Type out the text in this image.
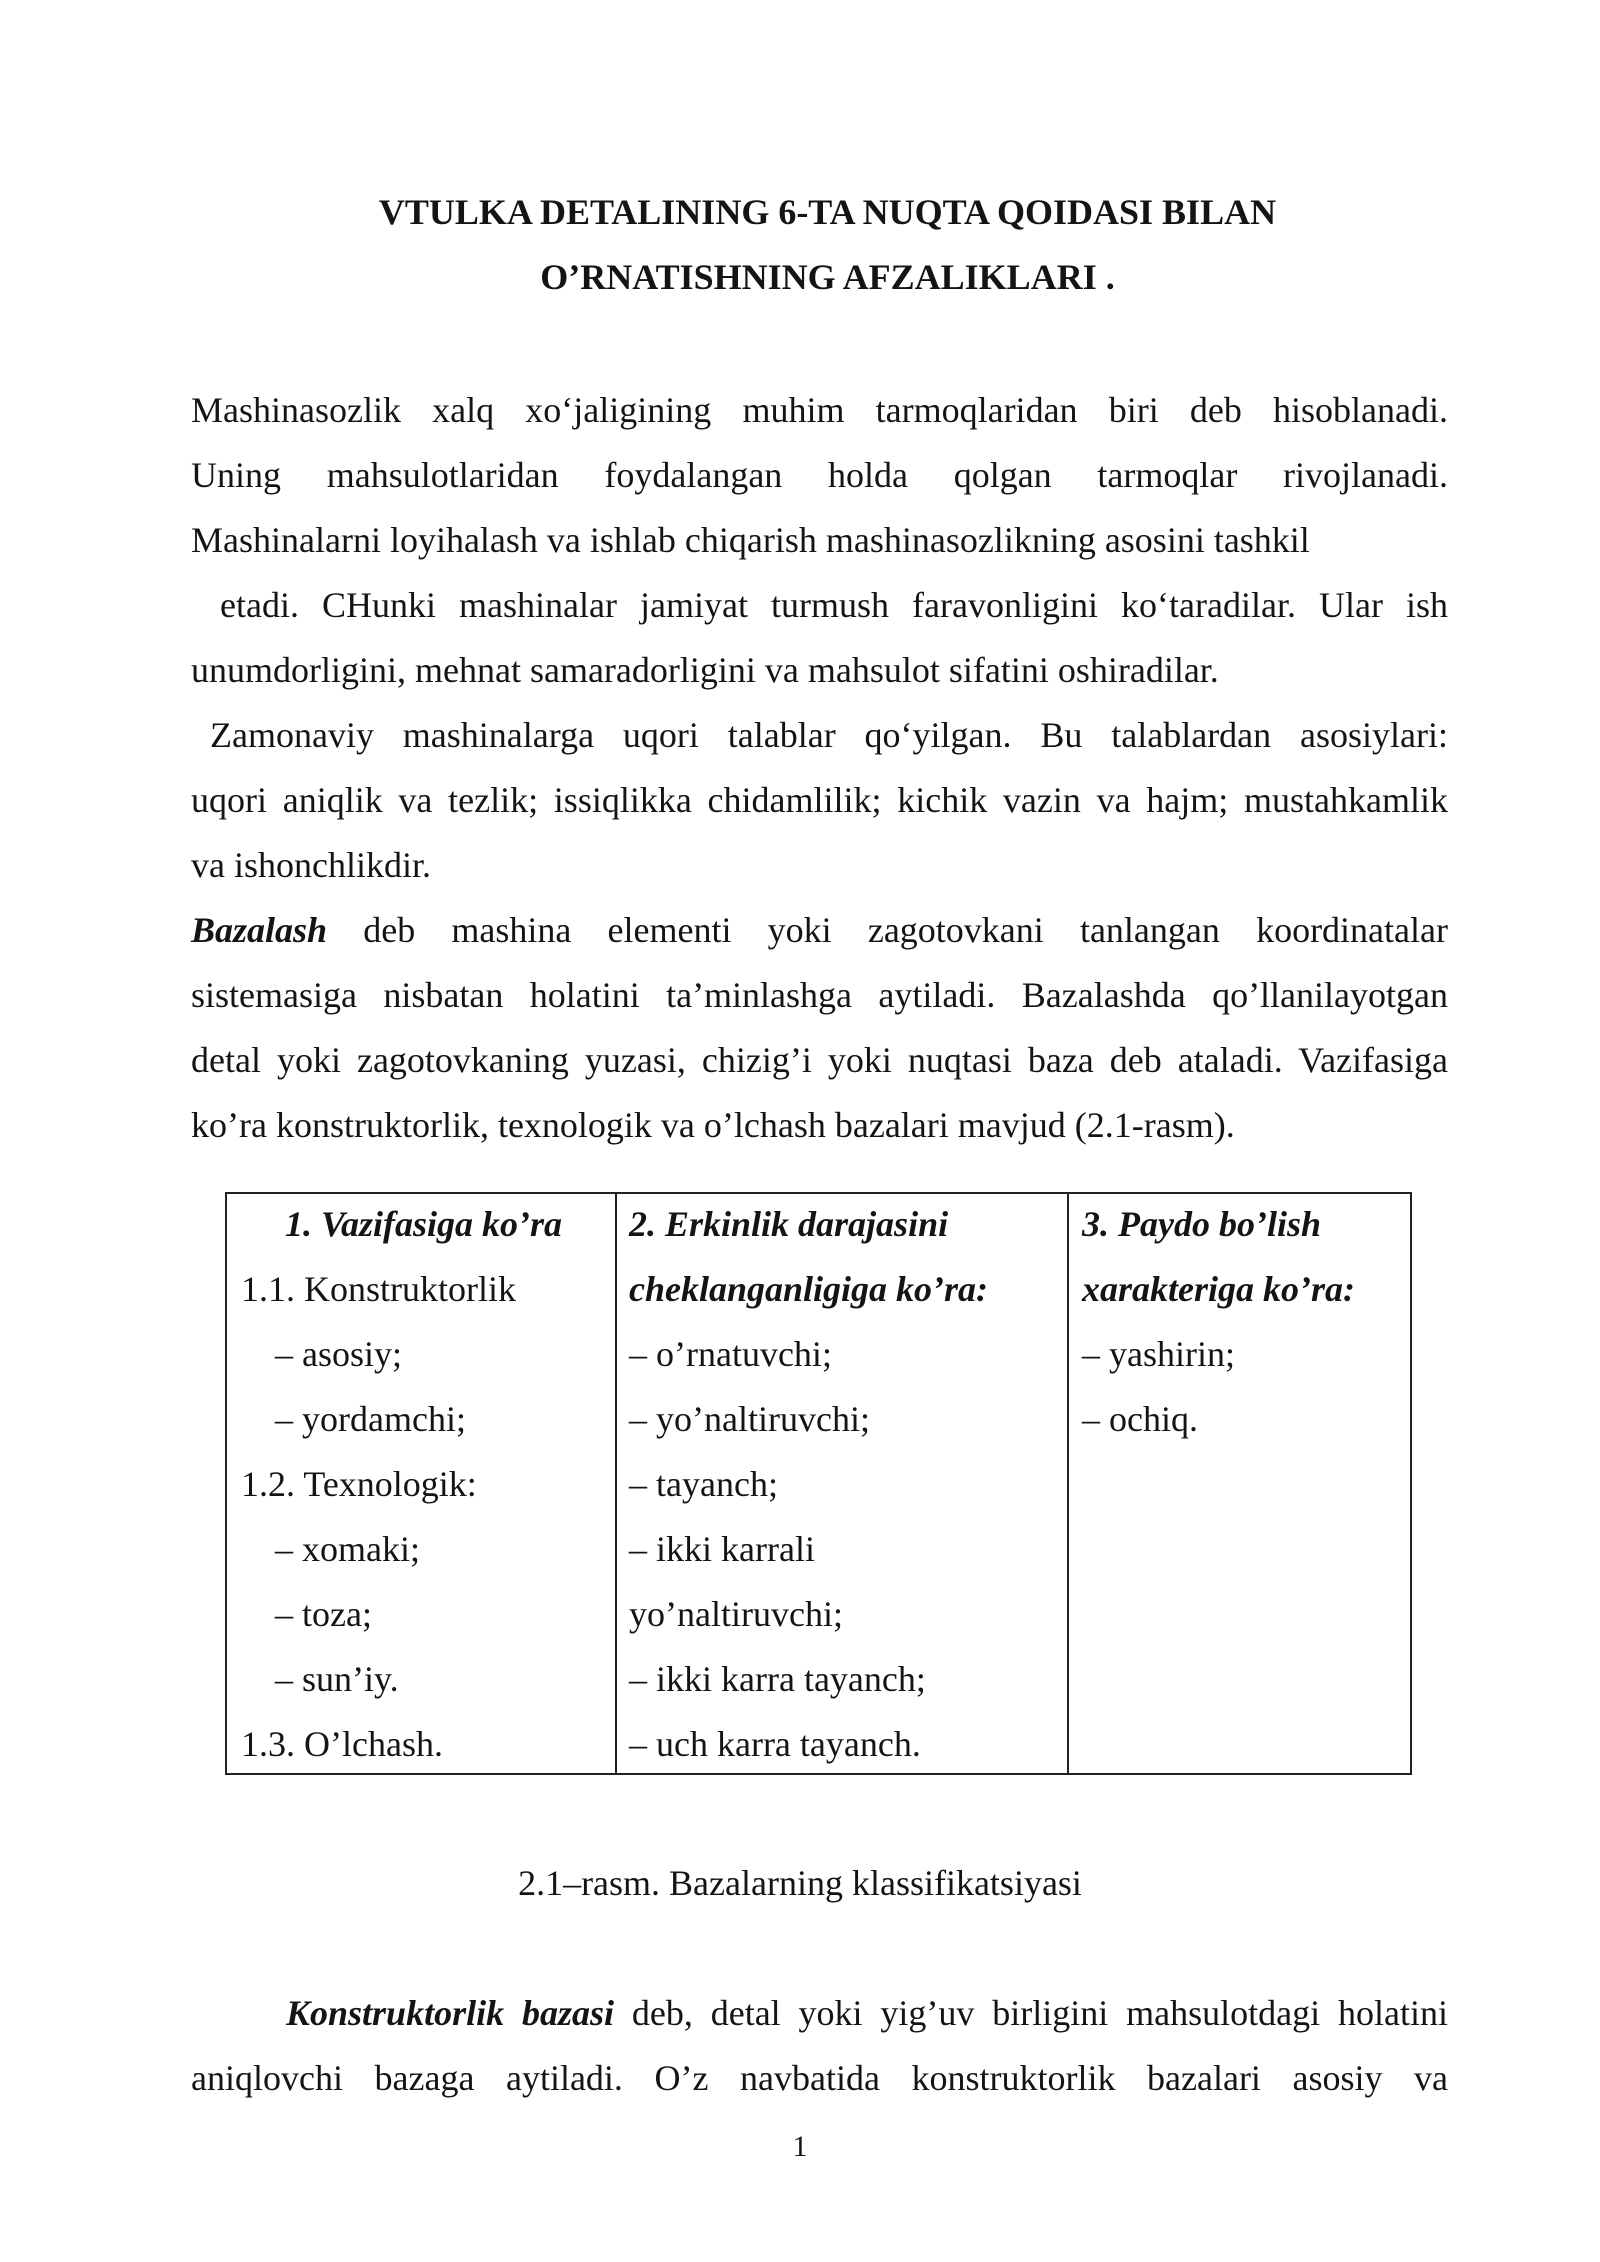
VTULKA DETALINING 6-TA NUQTA QOIDASI BILAN
O’RNATISHNING AFZALIKLARI .
Mashinasozlik xalq xo‘jaligining muhim tarmoqlaridan biri deb hisoblanadi.
Uning mahsulotlaridan foydalangan holda qolgan tarmoqlar rivojlanadi.
Mashinalarni loyihalash va ishlab chiqarish mashinasozlikning asosini tashkil
etadi. CHunki mashinalar jamiyat turmush faravonligini ko‘taradilar. Ular ish
unumdorligini, mehnat samaradorligini va mahsulot sifatini oshiradilar.
Zamonaviy mashinalarga uqori talablar qo‘yilgan. Bu talablardan asosiylari:
uqori aniqlik va tezlik; issiqlikka chidamlilik; kichik vazin va hajm; mustahkamlik
va ishonchlikdir.
Bazalash deb mashina elementi yoki zagotovkani tanlangan koordinatalar
sistemasiga nisbatan holatini ta’minlashga aytiladi. Bazalashda qo’llanilayotgan
detal yoki zagotovkaning yuzasi, chizig’i yoki nuqtasi baza deb ataladi. Vazifasiga
ko’ra konstruktorlik, texnologik va o’lchash bazalari mavjud (2.1-rasm).
1. Vazifasiga ko’ra
1.1. Konstruktorlik
– asosiy;
– yordamchi;
1.2. Texnologik:
– xomaki;
– toza;
– sun’iy.
1.3. O’lchash.
2. Erkinlik darajasini
cheklanganligiga ko’ra:
– o’rnatuvchi;
– yo’naltiruvchi;
– tayanch;
– ikki karrali
yo’naltiruvchi;
– ikki karra tayanch;
– uch karra tayanch.
3. Paydo bo’lish
xarakteriga ko’ra:
– yashirin;
– ochiq.
2.1–rasm. Bazalarning klassifikatsiyasi
Konstruktorlik bazasi deb, detal yoki yig’uv birligini mahsulotdagi holatini
aniqlovchi bazaga aytiladi. O’z navbatida konstruktorlik bazalari asosiy va
1
